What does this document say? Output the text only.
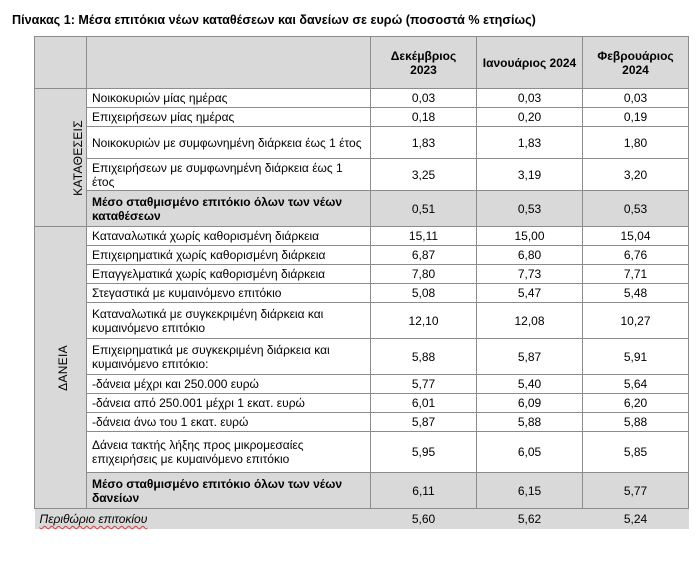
Πίνακας 1: Μέσα επιτόκια νέων καταθέσεων και δανείων σε ευρώ (ποσοστά % ετησίως)
		Δεκέμβριος 2023	Ιανουάριος 2024	Φεβρουάριος 2024
ΚΑΤΑΘΕΣΕΙΣ	Νοικοκυριών μίας ημέρας	0,03	0,03	0,03
	Επιχειρήσεων μίας ημέρας	0,18	0,20	0,19
	Νοικοκυριών με συμφωνημένη διάρκεια έως 1 έτος	1,83	1,83	1,80
	Επιχειρήσεων με συμφωνημένη διάρκεια έως 1 έτος	3,25	3,19	3,20
	Μέσο σταθμισμένο επιτόκιο όλων των νέων καταθέσεων	0,51	0,53	0,53
ΔΑΝΕΙΑ	Καταναλωτικά χωρίς καθορισμένη διάρκεια	15,11	15,00	15,04
	Επιχειρηματικά χωρίς καθορισμένη διάρκεια	6,87	6,80	6,76
	Επαγγελματικά χωρίς καθορισμένη διάρκεια	7,80	7,73	7,71
	Στεγαστικά με κυμαινόμενο επιτόκιο	5,08	5,47	5,48
	Καταναλωτικά με συγκεκριμένη διάρκεια και κυμαινόμενο επιτόκιο	12,10	12,08	10,27
	Επιχειρηματικά με συγκεκριμένη διάρκεια και κυμαινόμενο επιτόκιο:	5,88	5,87	5,91
	-δάνεια μέχρι και 250.000 ευρώ	5,77	5,40	5,64
	-δάνεια από 250.001 μέχρι 1 εκατ. ευρώ	6,01	6,09	6,20
	-δάνεια άνω του 1 εκατ. ευρώ	5,87	5,88	5,88
	Δάνεια τακτής λήξης προς μικρομεσαίες επιχειρήσεις με κυμαινόμενο επιτόκιο	5,95	6,05	5,85
	Μέσο σταθμισμένο επιτόκιο όλων των νέων δανείων	6,11	6,15	5,77
Περιθώριο επιτοκίου		5,60	5,62	5,24
